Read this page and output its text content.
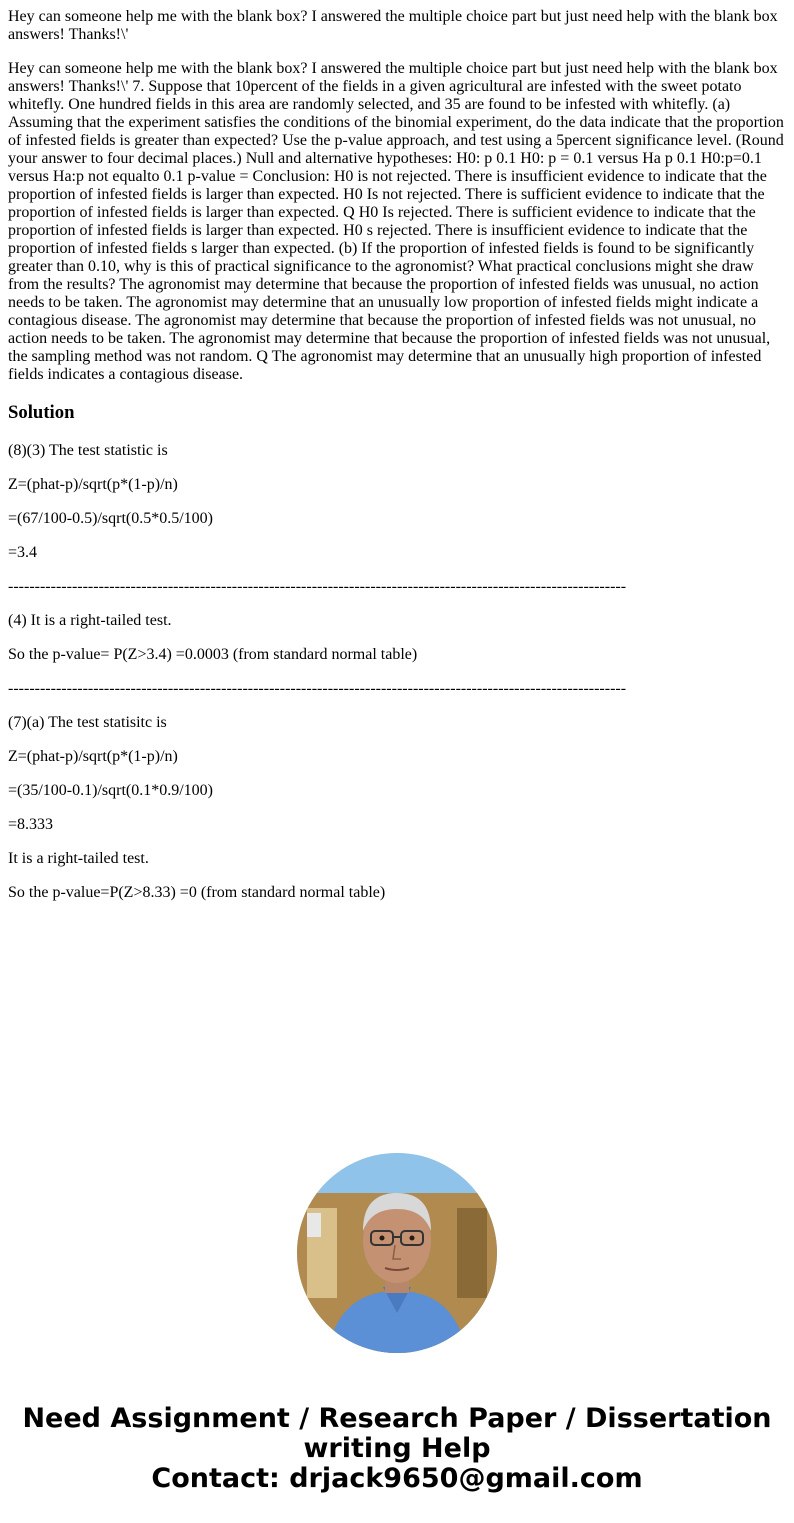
Hey can someone help me with the blank box? I answered the multiple choice part but just need help with the blank box answers! Thanks!\'
Hey can someone help me with the blank box? I answered the multiple choice part but just need help with the blank box answers! Thanks!\' 7. Suppose that 10percent of the fields in a given agricultural are infested with the sweet potato whitefly. One hundred fields in this area are randomly selected, and 35 are found to be infested with whitefly. (a) Assuming that the experiment satisfies the conditions of the binomial experiment, do the data indicate that the proportion of infested fields is greater than expected? Use the p-value approach, and test using a 5percent significance level. (Round your answer to four decimal places.) Null and alternative hypotheses: H0: p 0.1 H0: p = 0.1 versus Ha p 0.1 H0:p=0.1 versus Ha:p not equalto 0.1 p-value = Conclusion: H0 is not rejected. There is insufficient evidence to indicate that the proportion of infested fields is larger than expected. H0 Is not rejected. There is sufficient evidence to indicate that the proportion of infested fields is larger than expected. Q H0 Is rejected. There is sufficient evidence to indicate that the proportion of infested fields is larger than expected. H0 s rejected. There is insufficient evidence to indicate that the proportion of infested fields s larger than expected. (b) If the proportion of infested fields is found to be significantly greater than 0.10, why is this of practical significance to the agronomist? What practical conclusions might she draw from the results? The agronomist may determine that because the proportion of infested fields was unusual, no action needs to be taken. The agronomist may determine that an unusually low proportion of infested fields might indicate a contagious disease. The agronomist may determine that because the proportion of infested fields was not unusual, no action needs to be taken. The agronomist may determine that because the proportion of infested fields was not unusual, the sampling method was not random. Q The agronomist may determine that an unusually high proportion of infested fields indicates a contagious disease.
Solution
(8)(3) The test statistic is
Z=(phat-p)/sqrt(p*(1-p)/n)
=(67/100-0.5)/sqrt(0.5*0.5/100)
=3.4
--------------------------------------------------------------------------------------------------------------------
(4) It is a right-tailed test.
So the p-value= P(Z>3.4) =0.0003 (from standard normal table)
--------------------------------------------------------------------------------------------------------------------
(7)(a) The test statisitc is
Z=(phat-p)/sqrt(p*(1-p)/n)
=(35/100-0.1)/sqrt(0.1*0.9/100)
=8.333
It is a right-tailed test.
So the p-value=P(Z>8.33) =0 (from standard normal table)
Need Assignment / Research Paper / Dissertation
writing Help
Contact: drjack9650@gmail.com
